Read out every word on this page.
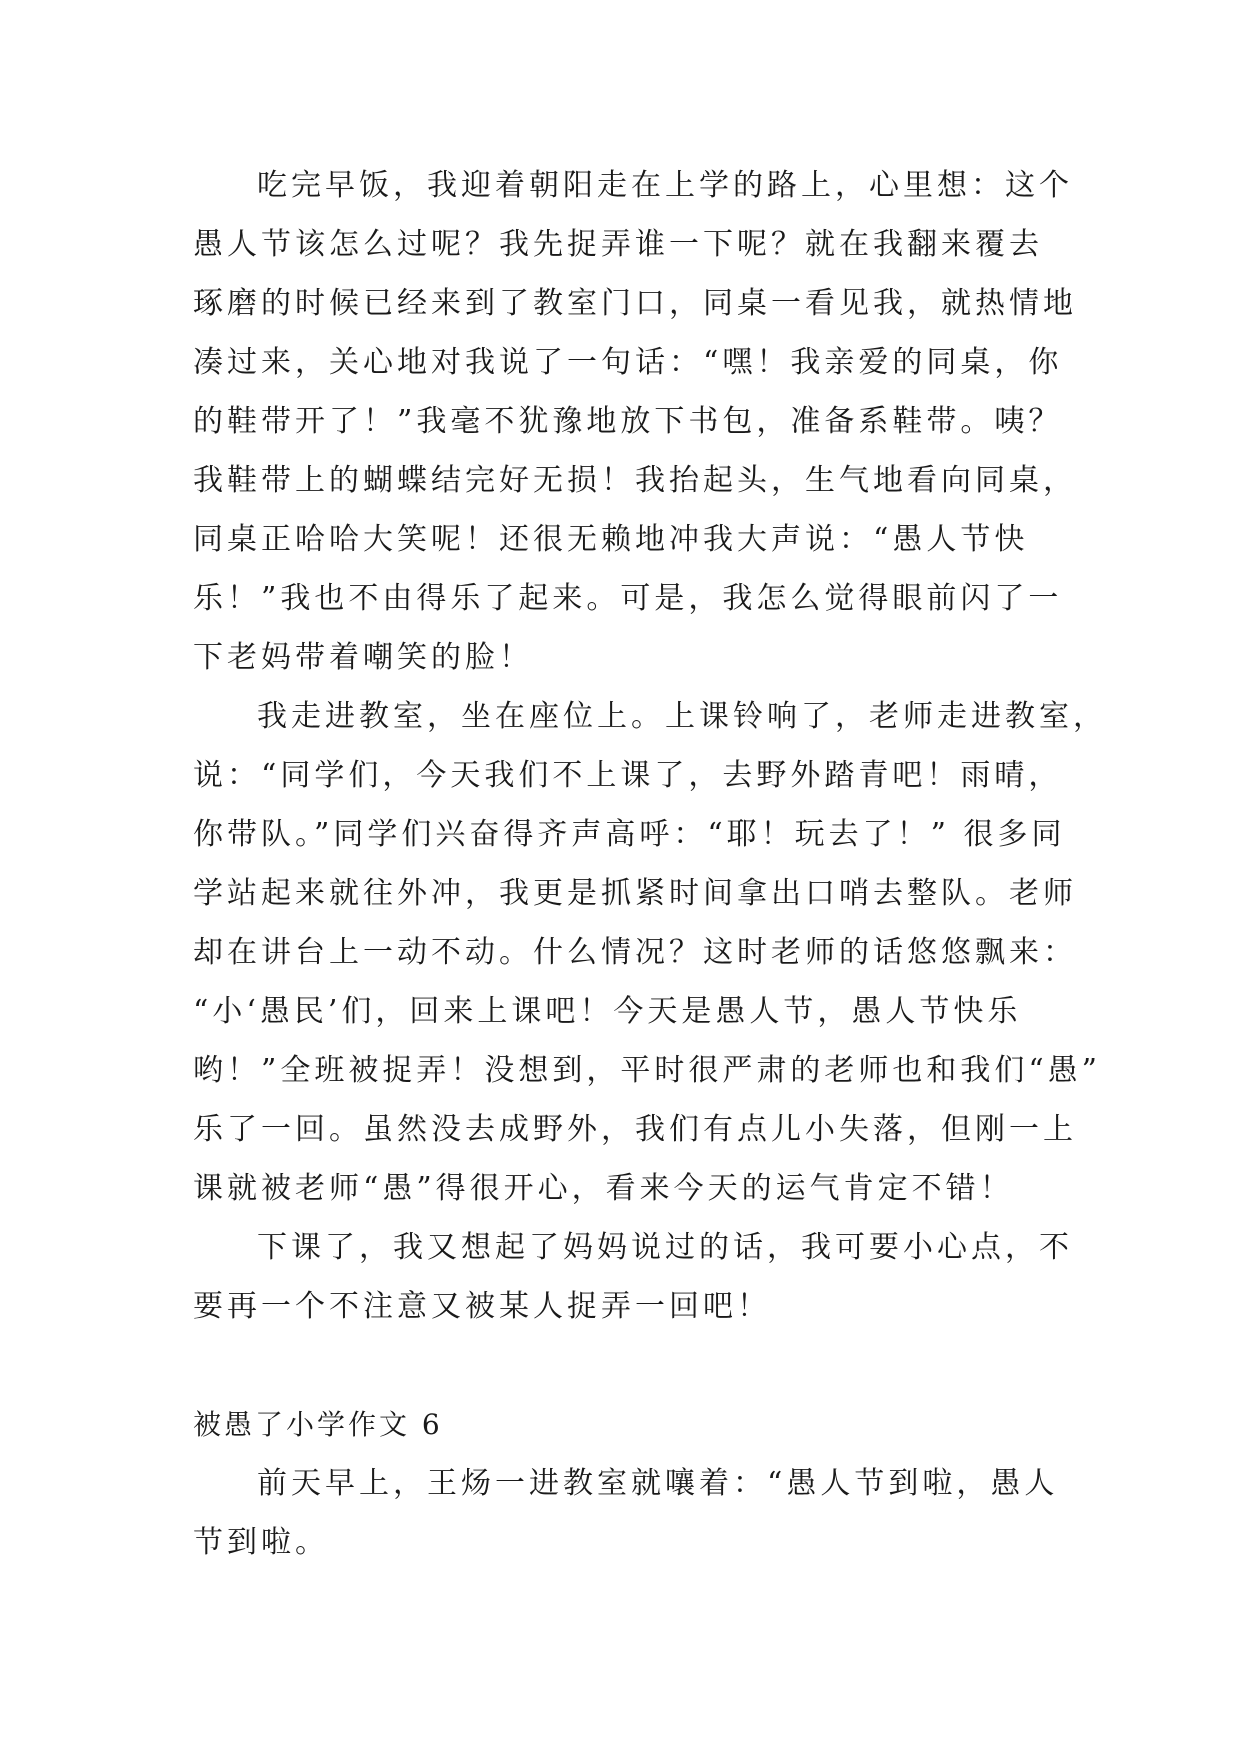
吃完早饭，我迎着朝阳走在上学的路上，心里想：这个
愚人节该怎么过呢？我先捉弄谁一下呢？就在我翻来覆去
琢磨的时候已经来到了教室门口，同桌一看见我，就热情地
凑过来，关心地对我说了一句话：“嘿！我亲爱的同桌，你
的鞋带开了！”我毫不犹豫地放下书包，准备系鞋带。咦？
我鞋带上的蝴蝶结完好无损！我抬起头，生气地看向同桌，
同桌正哈哈大笑呢！还很无赖地冲我大声说：“愚人节快
乐！”我也不由得乐了起来。可是，我怎么觉得眼前闪了一
下老妈带着嘲笑的脸！
我走进教室，坐在座位上。上课铃响了，老师走进教室，
说：“同学们，今天我们不上课了，去野外踏青吧！雨晴，
你带队。”同学们兴奋得齐声高呼：“耶！玩去了！” 很多同
学站起来就往外冲，我更是抓紧时间拿出口哨去整队。老师
却在讲台上一动不动。什么情况？这时老师的话悠悠飘来：
“小‘愚民’们，回来上课吧！今天是愚人节，愚人节快乐
哟！”全班被捉弄！没想到，平时很严肃的老师也和我们“愚”
乐了一回。虽然没去成野外，我们有点儿小失落，但刚一上
课就被老师“愚”得很开心，看来今天的运气肯定不错！
下课了，我又想起了妈妈说过的话，我可要小心点，不
要再一个不注意又被某人捉弄一回吧！
被愚了小学作文 6
前天早上，王炀一进教室就嚷着：“愚人节到啦，愚人
节到啦。
